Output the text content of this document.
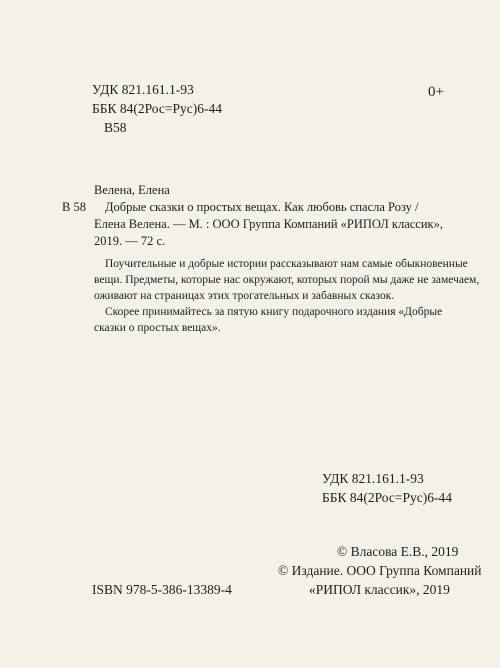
УДК 821.161.1-93
ББК 84(2Рос=Рус)6-44
В58
0+
Велена, Елена
В 58 Добрые сказки о простых вещах. Как любовь спасла Розу /
Елена Велена. — М. : ООО Группа Компаний «РИПОЛ классик»,
2019. — 72 с.
Поучительные и добрые истории рассказывают нам самые обыкновенные
вещи. Предметы, которые нас окружают, которых порой мы даже не замечаем,
оживают на страницах этих трогательных и забавных сказок.
Скорее принимайтесь за пятую книгу подарочного издания «Добрые
сказки о простых вещах».
УДК 821.161.1-93
ББК 84(2Рос=Рус)6-44
© Власова Е.В., 2019
© Издание. ООО Группа Компаний
«РИПОЛ классик», 2019
ISBN 978-5-386-13389-4
